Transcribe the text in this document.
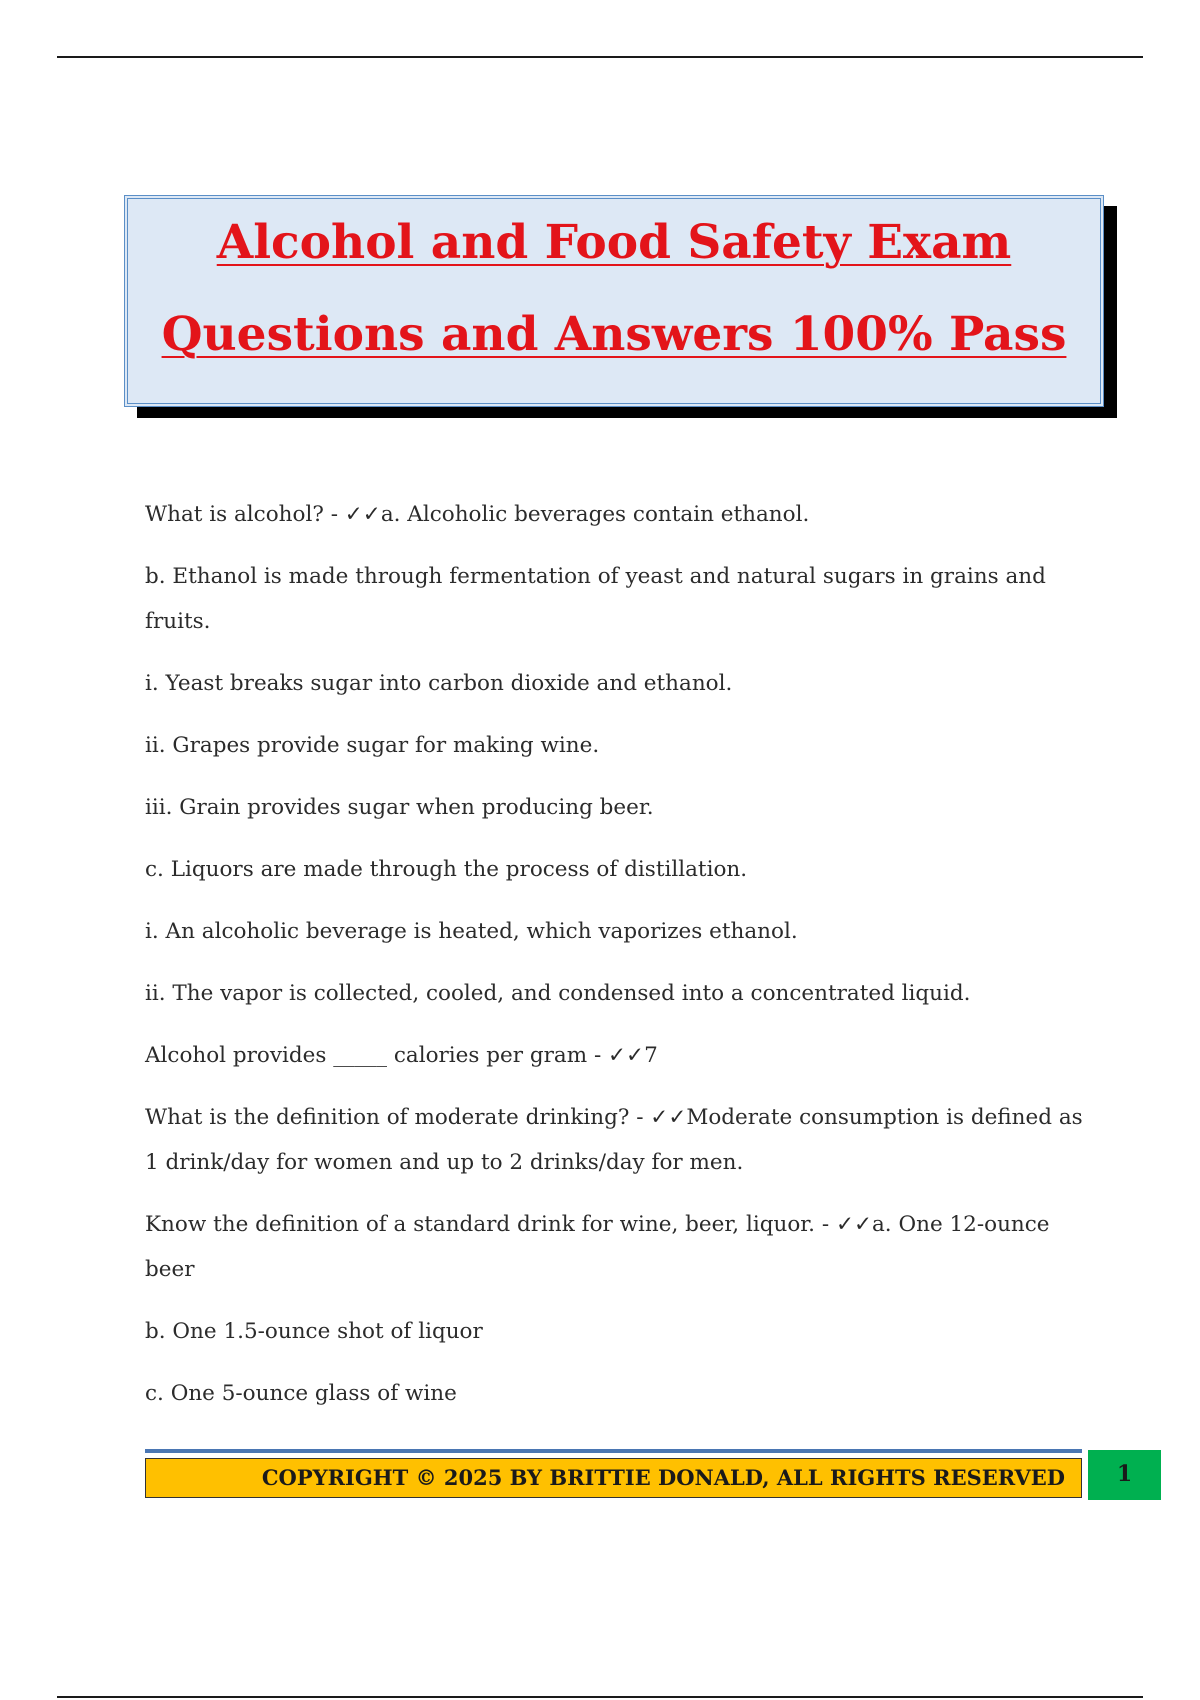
Alcohol and Food Safety Exam
Questions and Answers 100% Pass

What is alcohol? - ✓✓a. Alcoholic beverages contain ethanol.

b. Ethanol is made through fermentation of yeast and natural sugars in grains and fruits.

i. Yeast breaks sugar into carbon dioxide and ethanol.

ii. Grapes provide sugar for making wine.

iii. Grain provides sugar when producing beer.

c. Liquors are made through the process of distillation.

i. An alcoholic beverage is heated, which vaporizes ethanol.

ii. The vapor is collected, cooled, and condensed into a concentrated liquid.

Alcohol provides _____ calories per gram - ✓✓7

What is the definition of moderate drinking? - ✓✓Moderate consumption is defined as 1 drink/day for women and up to 2 drinks/day for men.

Know the definition of a standard drink for wine, beer, liquor. - ✓✓a. One 12-ounce beer

b. One 1.5-ounce shot of liquor

c. One 5-ounce glass of wine

COPYRIGHT © 2025 BY BRITTIE DONALD, ALL RIGHTS RESERVED	1
